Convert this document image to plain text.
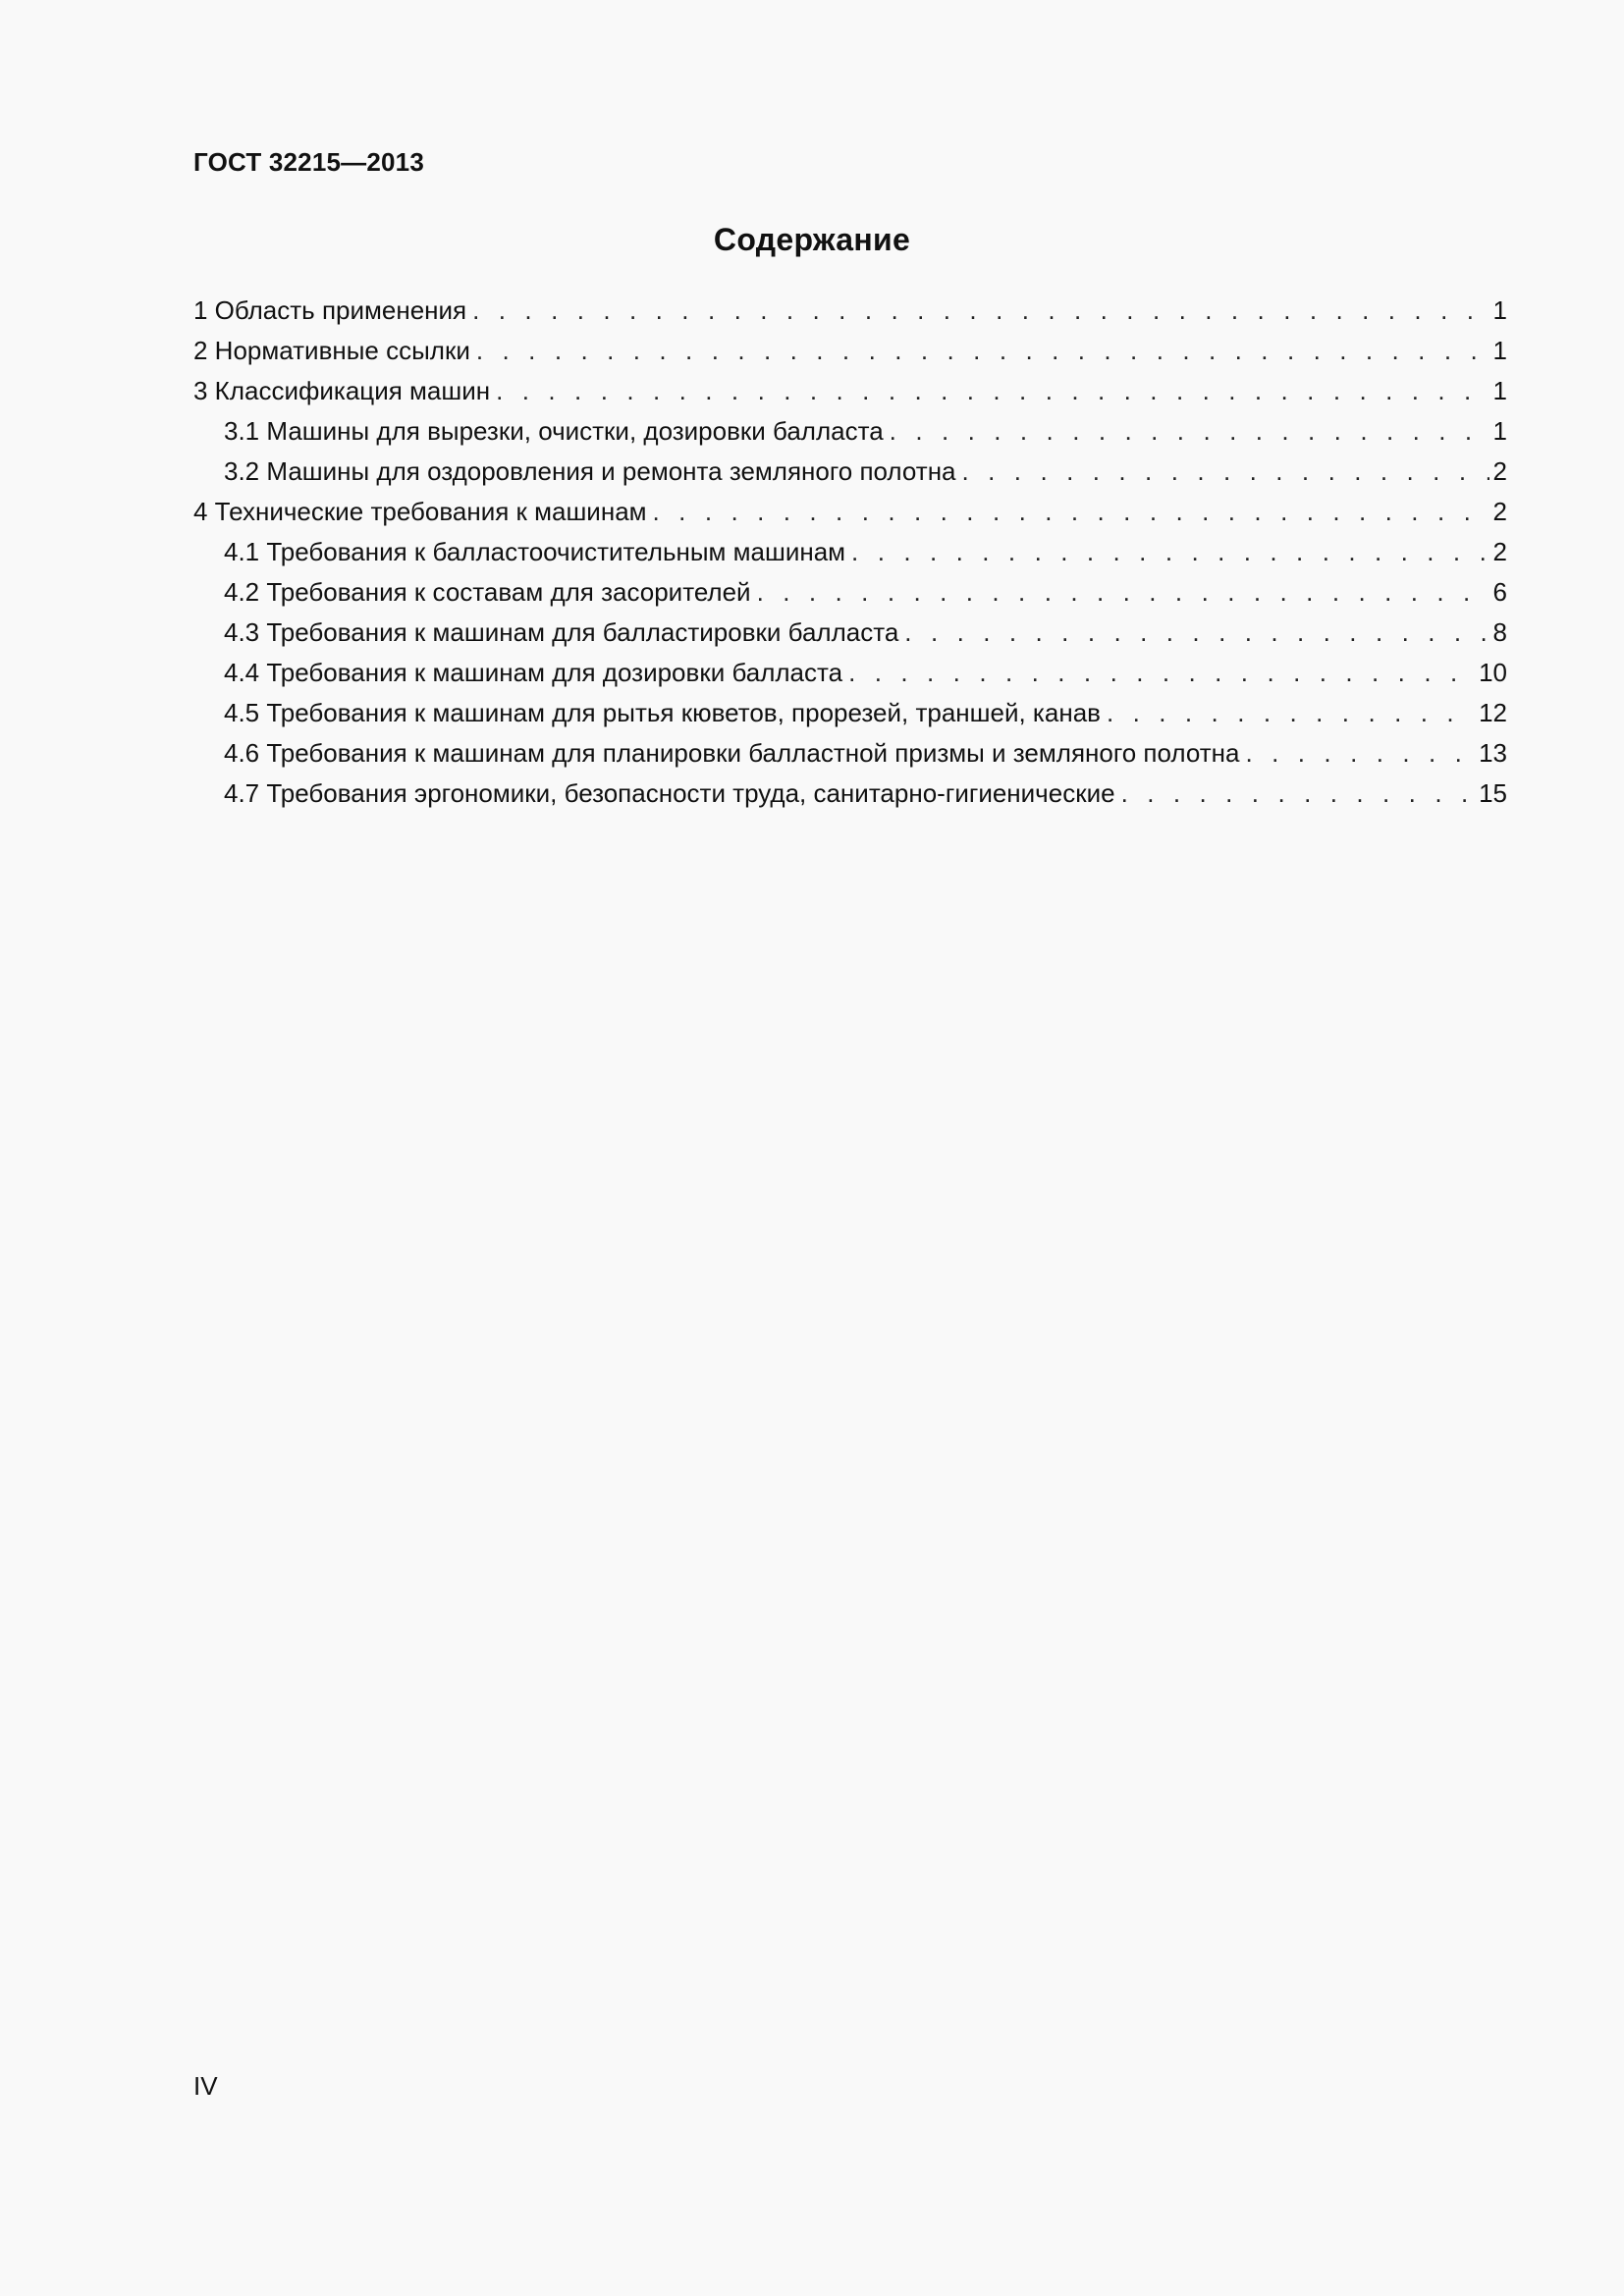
ГОСТ 32215—2013
Содержание
1 Область применения . . .	1
2 Нормативные ссылки . . .	1
3 Классификация машин . . .	1
3.1 Машины для вырезки, очистки, дозировки балласта . . .	1
3.2 Машины для оздоровления и ремонта земляного полотна . . .	2
4 Технические требования к машинам . . .	2
4.1 Требования к балластоочистительным машинам . . .	2
4.2 Требования к составам для засорителей . . .	6
4.3 Требования к машинам для балластировки балласта . . .	8
4.4 Требования к машинам для дозировки балласта . . .	10
4.5 Требования к машинам для рытья кюветов, прорезей, траншей, канав . . .	12
4.6 Требования к машинам для планировки балластной призмы и земляного полотна . . .	13
4.7 Требования эргономики, безопасности труда, санитарно-гигиенические . . .	15
IV
